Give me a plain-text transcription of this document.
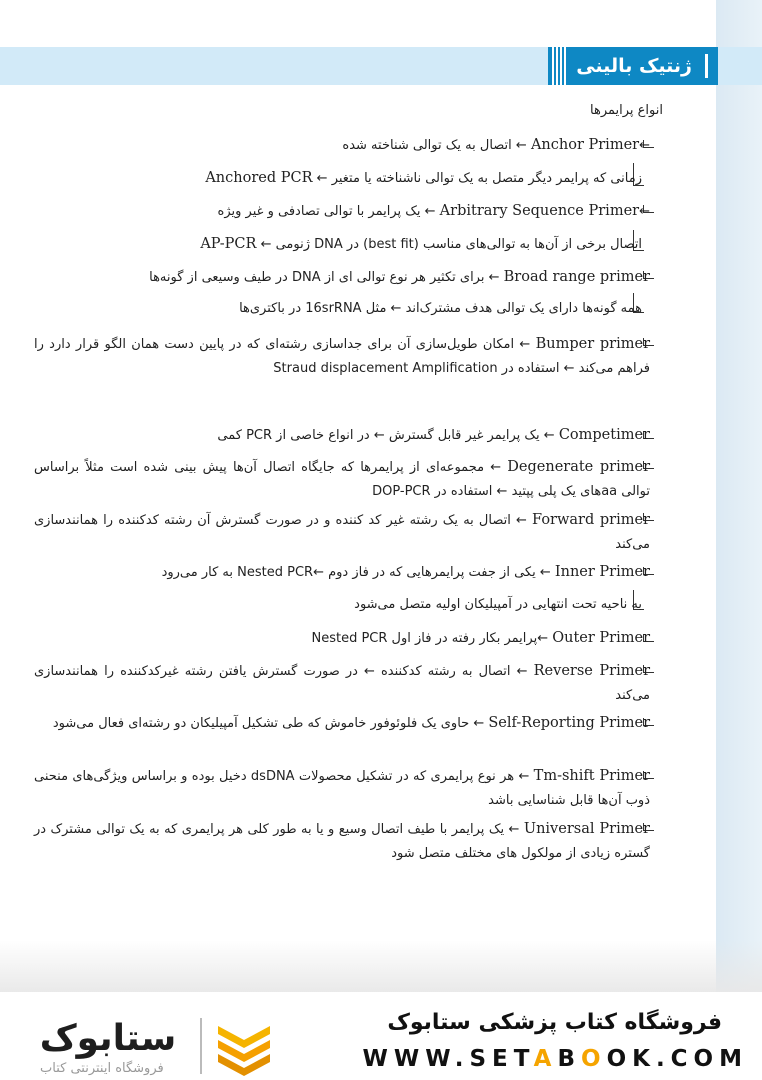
ژنتیک بالینی
انواع پرایمرها
←Anchor Primer ← اتصال به یک توالی شناخته شده
زمانی که پرایمر دیگر متصل به یک توالی ناشناخته یا متغیر ← Anchored PCR
←Arbitrary Sequence Primer ← یک پرایمر با توالی تصادفی و غیر ویژه
اتصال برخی از آن‌ها به توالی‌های مناسب (best fit) در DNA ژنومی ← AP-PCR
Broad range primer ← برای تکثیر هر نوع توالی ای از DNA در طیف وسیعی از گونه‌ها
همه گونه‌ها دارای یک توالی هدف مشترک‌اند ← مثل 16srRNA در باکتری‌ها
Bumper primer ← امکان طویل‌سازی آن برای جداسازی رشته‌ای که در پایین دست همان الگو قرار دارد را فراهم می‌کند ← استفاده در Straud displacement Amplification
Competimer ← یک پرایمر غیر قابل گسترش ← در انواع خاصی از PCR کمی
Degenerate primer ← مجموعه‌ای از پرایمرها که جایگاه اتصال آن‌ها پیش بینی شده است مثلاً براساس توالی aaهای یک پلی پپتید ← استفاده در DOP-PCR
Forward primer ← اتصال به یک رشته غیر کد کننده و در صورت گسترش آن رشته کدکننده را همانندسازی می‌کند
Inner Primer ← یکی از جفت پرایمرهایی که در فاز دوم ←Nested PCR به کار می‌رود
به ناحیه تحت انتهایی در آمپیلیکان اولیه متصل می‌شود
Outer Primer ←پرایمر بکار رفته در فاز اول Nested PCR
Reverse Primer ← اتصال به رشته کدکننده ← در صورت گسترش یافتن رشته غیرکدکننده را همانندسازی می‌کند
Self-Reporting Primer ← حاوی یک فلوئوفور خاموش که طی تشکیل آمپیلیکان دو رشته‌ای فعال می‌شود
Tm-shift Primer ← هر نوع پرایمری که در تشکیل محصولات dsDNA دخیل بوده و براساس ویژگی‌های منحنی ذوب آن‌ها قابل شناسایی باشد
Universal Primer ← یک پرایمر با طیف اتصال وسیع و یا به طور کلی هر پرایمری که به یک توالی مشترک در گستره زیادی از مولکول های مختلف متصل شود
ستابوک
فروشگاه اینترنتی کتاب
فروشگاه کتاب پزشکی ستابوک
WWW.SETABOOK.COM
